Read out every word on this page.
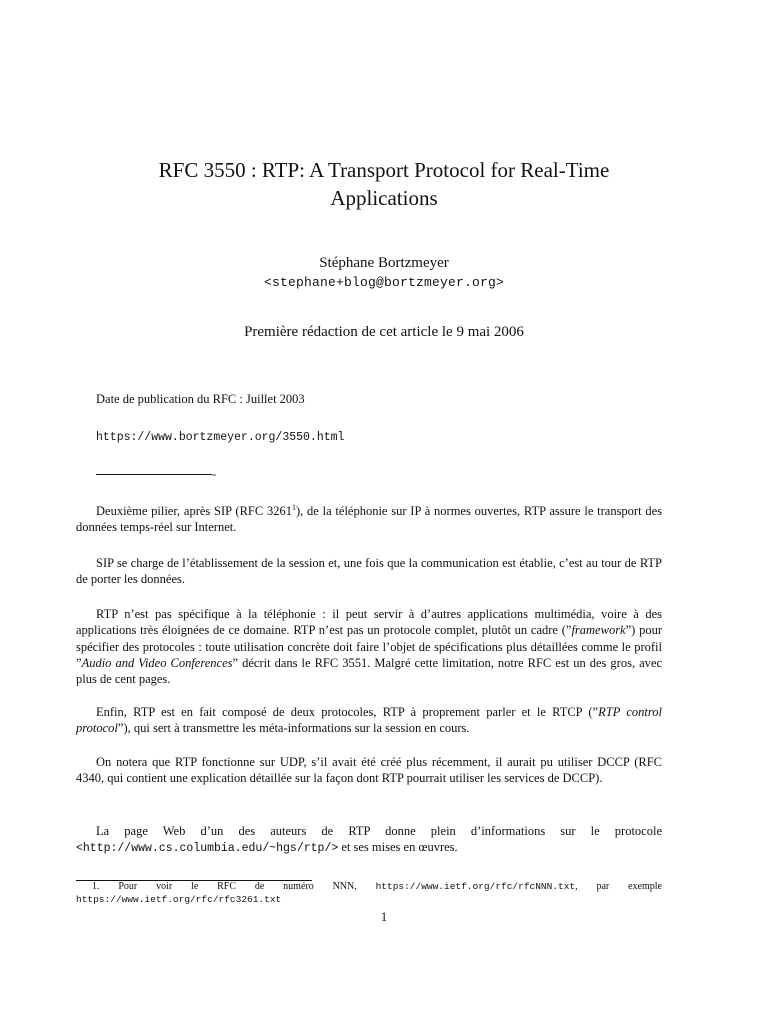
RFC 3550 : RTP: A Transport Protocol for Real-Time
Applications
Stéphane Bortzmeyer
<stephane+blog@bortzmeyer.org>
Première rédaction de cet article le 9 mai 2006
Date de publication du RFC : Juillet 2003
https://www.bortzmeyer.org/3550.html
-

Deuxième pilier, après SIP (RFC 3261$^1$), de la téléphonie sur IP à normes ouvertes, RTP assure le transport des données temps-réel sur Internet.

SIP se charge de l’établissement de la session et, une fois que la communication est établie, c’est au tour de RTP de porter les données.

RTP n’est pas spécifique à la téléphonie : il peut servir à d’autres applications multimédia, voire à des applications très éloignées de ce domaine. RTP n’est pas un protocole complet, plutôt un cadre (”framework”) pour spécifier des protocoles : toute utilisation concrète doit faire l’objet de spécifications plus détaillées comme le profil ”Audio and Video Conferences” décrit dans le RFC 3551. Malgré cette limitation, notre RFC est un des gros, avec plus de cent pages.

Enfin, RTP est en fait composé de deux protocoles, RTP à proprement parler et le RTCP (”RTP control protocol”), qui sert à transmettre les méta-informations sur la session en cours.

On notera que RTP fonctionne sur UDP, s’il avait été créé plus récemment, il aurait pu utiliser DCCP (RFC 4340, qui contient une explication détaillée sur la façon dont RTP pourrait utiliser les services de DCCP).

La page Web d’un des auteurs de RTP donne plein d’informations sur le protocole <http://www.cs.columbia.edu/~hgs/rtp/> et ses mises en œuvres.

1. Pour voir le RFC de numéro NNN, https://www.ietf.org/rfc/rfcNNN.txt, par exemple https://www.ietf.org/rfc/rfc3261.txt

1
